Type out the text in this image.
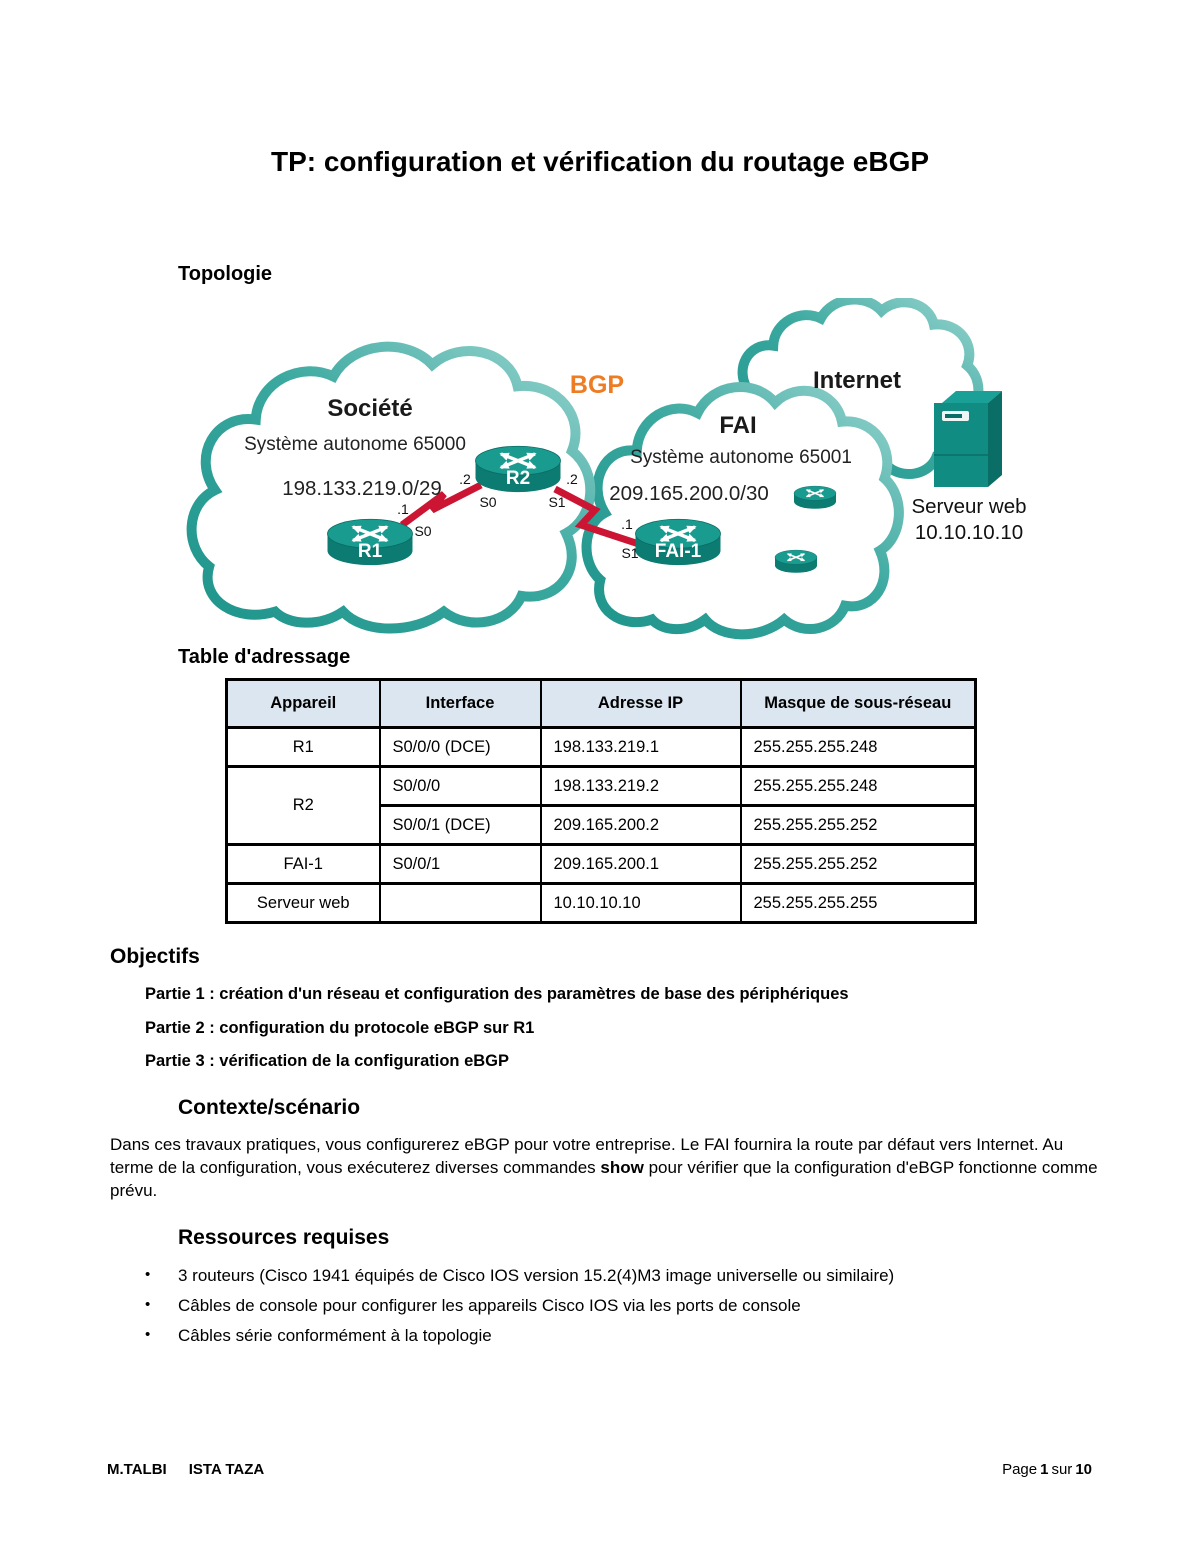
TP: configuration et vérification du routage eBGP
Topologie
BGP
Société
Système autonome 65000
198.133.219.0/29
Internet
FAI
Système autonome 65001
209.165.200.0/30
Serveur web
10.10.10.10
R2
R1	FAI-1
.2
S0
.2
S1
.1
S0	.1
S1
Table d'adressage
Appareil	Interface	Adresse IP	Masque de sous-réseau
R1	S0/0/0 (DCE)	198.133.219.1	255.255.255.248
R2	S0/0/0	198.133.219.2	255.255.255.248
	S0/0/1 (DCE)	209.165.200.2	255.255.255.252
FAI-1	S0/0/1	209.165.200.1	255.255.255.252
Serveur web		10.10.10.10	255.255.255.255
Objectifs
Partie 1 : création d'un réseau et configuration des paramètres de base des périphériques
Partie 2 : configuration du protocole eBGP sur R1
Partie 3 : vérification de la configuration eBGP
Contexte/scénario
Dans ces travaux pratiques, vous configurerez eBGP pour votre entreprise. Le FAI fournira la route par défaut vers Internet. Au terme de la configuration, vous exécuterez diverses commandes show pour vérifier que la configuration d'eBGP fonctionne comme prévu.
Ressources requises
• 3 routeurs (Cisco 1941 équipés de Cisco IOS version 15.2(4)M3 image universelle ou similaire)
• Câbles de console pour configurer les appareils Cisco IOS via les ports de console
• Câbles série conformément à la topologie
M.TALBI ISTA TAZA	Page 1 sur 10
